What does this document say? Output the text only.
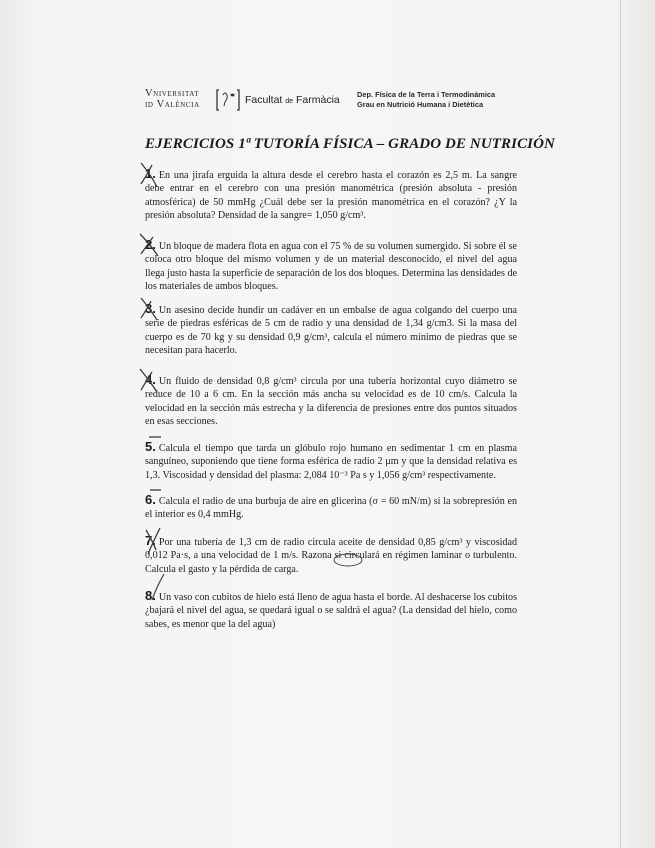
Vniversitat
id València	Facultat de Farmàcia Dep. Física de la Terra i Termodinàmica
Grau en Nutrició Humana i Dietètica
EJERCICIOS 1ª TUTORÍA FÍSICA – GRADO DE NUTRICIÓN
1. En una jirafa erguida la altura desde el cerebro hasta el corazón es 2,5 m. La sangre debe entrar en el cerebro con una presión manométrica (presión absoluta - presión atmosférica) de 50 mmHg ¿Cuál debe ser la presión manométrica en el corazón? ¿Y la presión absoluta? Densidad de la sangre= 1,050 g/cm³.
2. Un bloque de madera flota en agua con el 75 % de su volumen sumergido. Si sobre él se coloca otro bloque del mismo volumen y de un material desconocido, el nivel del agua llega justo hasta la superficie de separación de los dos bloques. Determina las densidades de los materiales de ambos bloques.
3. Un asesino decide hundir un cadáver en un embalse de agua colgando del cuerpo una serie de piedras esféricas de 5 cm de radio y una densidad de 1,34 g/cm3. Si la masa del cuerpo es de 70 kg y su densidad 0,9 g/cm³, calcula el número mínimo de piedras que se necesitan para hacerlo.
4. Un fluido de densidad 0,8 g/cm³ circula por una tubería horizontal cuyo diámetro se reduce de 10 a 6 cm. En la sección más ancha su velocidad es de 10 cm/s. Calcula la velocidad en la sección más estrecha y la diferencia de presiones entre dos puntos situados en esas secciones.
5. Calcula el tiempo que tarda un glóbulo rojo humano en sedimentar 1 cm en plasma sanguíneo, suponiendo que tiene forma esférica de radio 2 μm y que la densidad relativa es 1,3. Viscosidad y densidad del plasma: 2,084 10⁻³ Pa s y 1,056 g/cm³ respectivamente.
6. Calcula el radio de una burbuja de aire en glicerina (σ = 60 mN/m) si la sobrepresión en el interior es 0,4 mmHg.
7. Por una tubería de 1,3 cm de radio circula aceite de densidad 0,85 g/cm³ y viscosidad 0,012 Pa·s, a una velocidad de 1 m/s. Razona si circulará en régimen laminar o turbulento. Calcula el gasto y la pérdida de carga.
8. Un vaso con cubitos de hielo está lleno de agua hasta el borde. Al deshacerse los cubitos ¿bajará el nivel del agua, se quedará igual o se saldrá el agua? (La densidad del hielo, como sabes, es menor que la del agua)
